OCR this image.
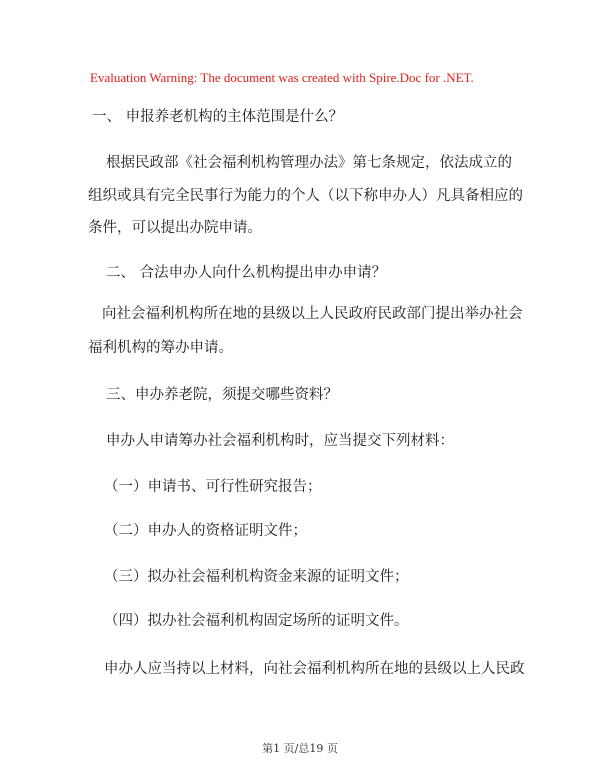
Evaluation Warning: The document was created with Spire.Doc for .NET.
一、 申报养老机构的主体范围是什么？
根据民政部《社会福利机构管理办法》第七条规定，依法成立的
组织或具有完全民事行为能力的个人（以下称申办人）凡具备相应的
条件，可以提出办院申请。
二、 合法申办人向什么机构提出申办申请？
向社会福利机构所在地的县级以上人民政府民政部门提出举办社会
福利机构的筹办申请。
三、申办养老院，须提交哪些资料？
申办人申请筹办社会福利机构时，应当提交下列材料：
（一）申请书、可行性研究报告；
（二）申办人的资格证明文件；
（三）拟办社会福利机构资金来源的证明文件；
（四）拟办社会福利机构固定场所的证明文件。
申办人应当持以上材料，向社会福利机构所在地的县级以上人民政
第1 页/总19 页
